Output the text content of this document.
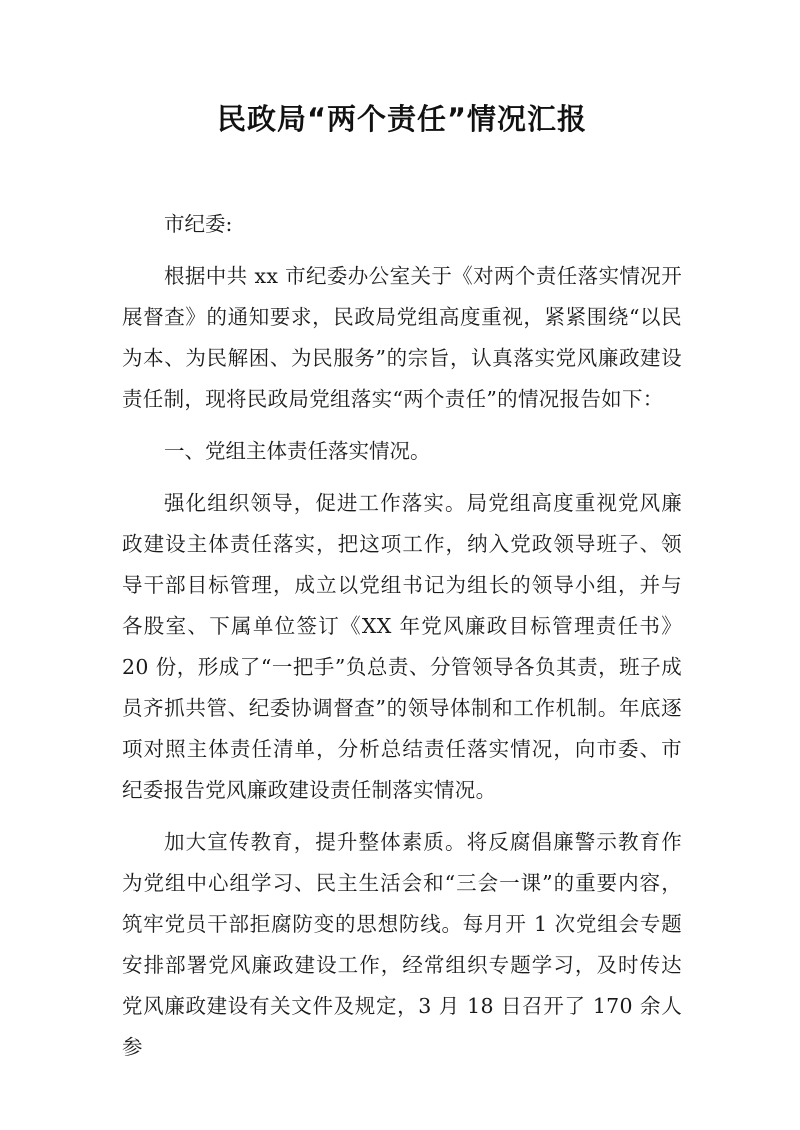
民政局“两个责任”情况汇报

市纪委:

根据中共 xx 市纪委办公室关于《对两个责任落实情况开展督查》的通知要求，民政局党组高度重视，紧紧围绕“以民为本、为民解困、为民服务”的宗旨，认真落实党风廉政建设责任制，现将民政局党组落实“两个责任”的情况报告如下：

一、党组主体责任落实情况。

强化组织领导，促进工作落实。局党组高度重视党风廉政建设主体责任落实，把这项工作，纳入党政领导班子、领导干部目标管理，成立以党组书记为组长的领导小组，并与各股室、下属单位签订《XX 年党风廉政目标管理责任书》20 份，形成了“一把手”负总责、分管领导各负其责，班子成员齐抓共管、纪委协调督查”的领导体制和工作机制。年底逐项对照主体责任清单，分析总结责任落实情况，向市委、市纪委报告党风廉政建设责任制落实情况。

加大宣传教育，提升整体素质。将反腐倡廉警示教育作为党组中心组学习、民主生活会和“三会一课”的重要内容，筑牢党员干部拒腐防变的思想防线。每月开 1 次党组会专题安排部署党风廉政建设工作，经常组织专题学习，及时传达党风廉政建设有关文件及规定，3 月 18 日召开了 170 余人参
